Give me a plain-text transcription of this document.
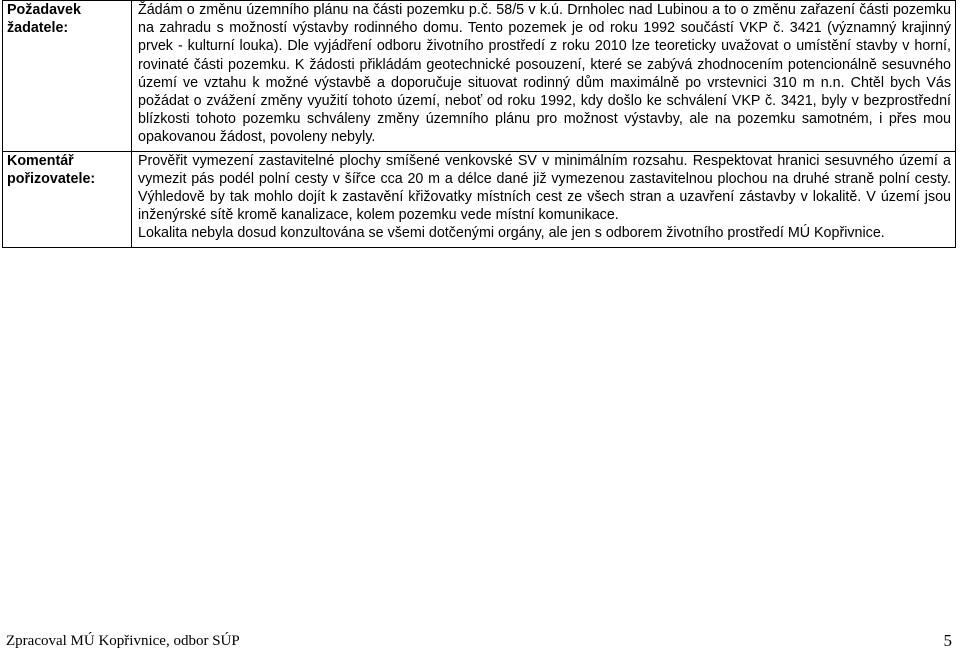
Požadavek žadatele:	Žádám o změnu územního plánu na části pozemku p.č. 58/5 v k.ú. Drnholec nad Lubinou a to o změnu zařazení části pozemku na zahradu s možností výstavby rodinného domu. Tento pozemek je od roku 1992 součástí VKP č. 3421 (významný krajinný prvek - kulturní louka). Dle vyjádření odboru životního prostředí z roku 2010 lze teoreticky uvažovat o umístění stavby v horní, rovinaté části pozemku. K žádosti přikládám geotechnické posouzení, které se zabývá zhodnocením potencionálně sesuvného území ve vztahu k možné výstavbě a doporučuje situovat rodinný dům maximálně po vrstevnici 310 m n.n. Chtěl bych Vás požádat o zvážení změny využití tohoto území, neboť od roku 1992, kdy došlo ke schválení VKP č. 3421, byly v bezprostřední blízkosti tohoto pozemku schváleny změny územního plánu pro možnost výstavby, ale na pozemku samotném, i přes mou opakovanou žádost, povoleny nebyly.

Komentář pořizovatele:	Prověřit vymezení zastavitelné plochy smíšené venkovské SV v minimálním rozsahu. Respektovat hranici sesuvného území a vymezit pás podél polní cesty v šířce cca 20 m a délce dané již vymezenou zastavitelnou plochou na druhé straně polní cesty. Výhledově by tak mohlo dojít k zastavění křižovatky místních cest ze všech stran a uzavření zástavby v lokalitě. V území jsou inženýrské sítě kromě kanalizace, kolem pozemku vede místní komunikace.

Lokalita nebyla dosud konzultována se všemi dotčenými orgány, ale jen s odborem životního prostředí MÚ Kopřivnice.

Zpracoval MÚ Kopřivnice, odbor SÚP	5
